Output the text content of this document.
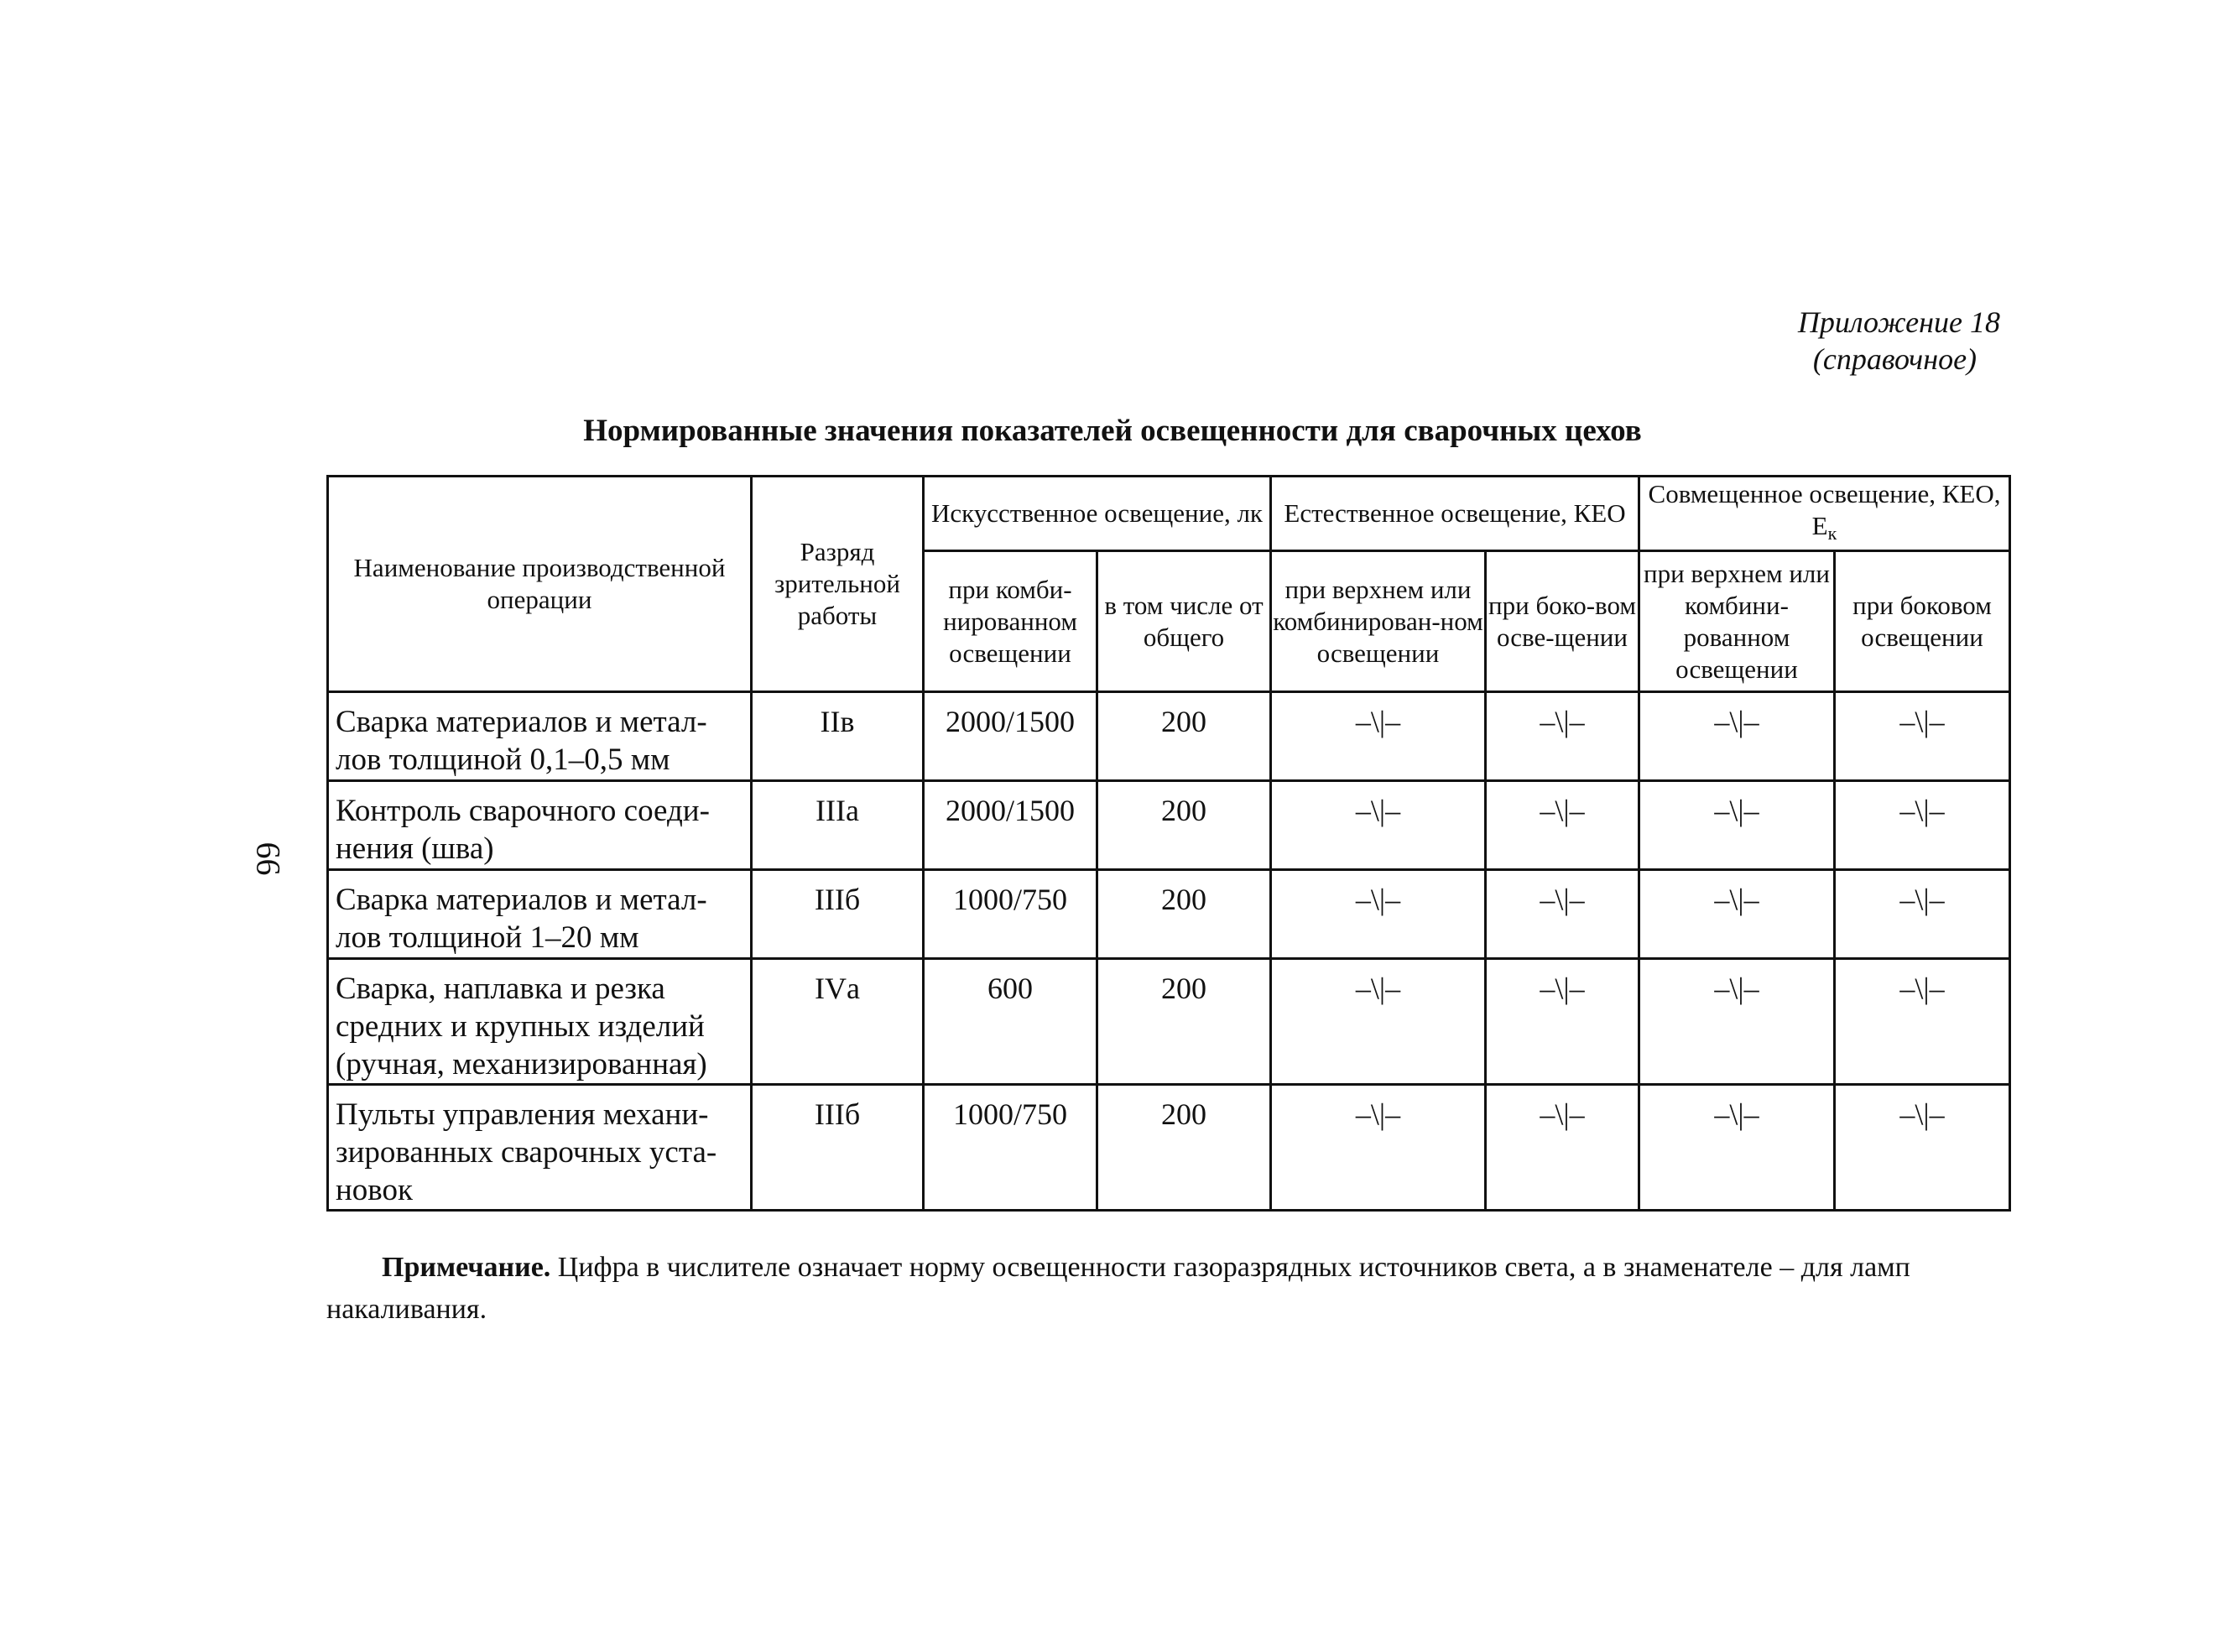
Приложение 18
(справочное)
Нормированные значения показателей освещенности для сварочных цехов
66
Наименование производственной операции	Разряд зрительной работы	Искусственное освещение, лк		Естественное освещение, КЕО		Совмещенное освещение, КЕО, Ек	
		при комби-нированном освещении	в том числе от общего	при верхнем или комбинирован-ном освещении	при боко-вом осве-щении	при верхнем или комбини-рованном освещении	при боковом освещении
Сварка материалов и метал-лов толщиной 0,1–0,5 мм	IIв	2000/1500	200	–\|–	–\|–	–\|–	–\|–
Контроль сварочного соеди-нения (шва)	IIIа	2000/1500	200	–\|–	–\|–	–\|–	–\|–
Сварка материалов и метал-лов толщиной 1–20 мм	IIIб	1000/750	200	–\|–	–\|–	–\|–	–\|–
Сварка, наплавка и резка средних и крупных изделий (ручная, механизированная)	IVа	600	200	–\|–	–\|–	–\|–	–\|–
Пульты управления механи-зированных сварочных уста-новок	IIIб	1000/750	200	–\|–	–\|–	–\|–	–\|–
Примечание. Цифра в числителе означает норму освещенности газоразрядных источников света, а в знаменателе – для ламп накаливания.
